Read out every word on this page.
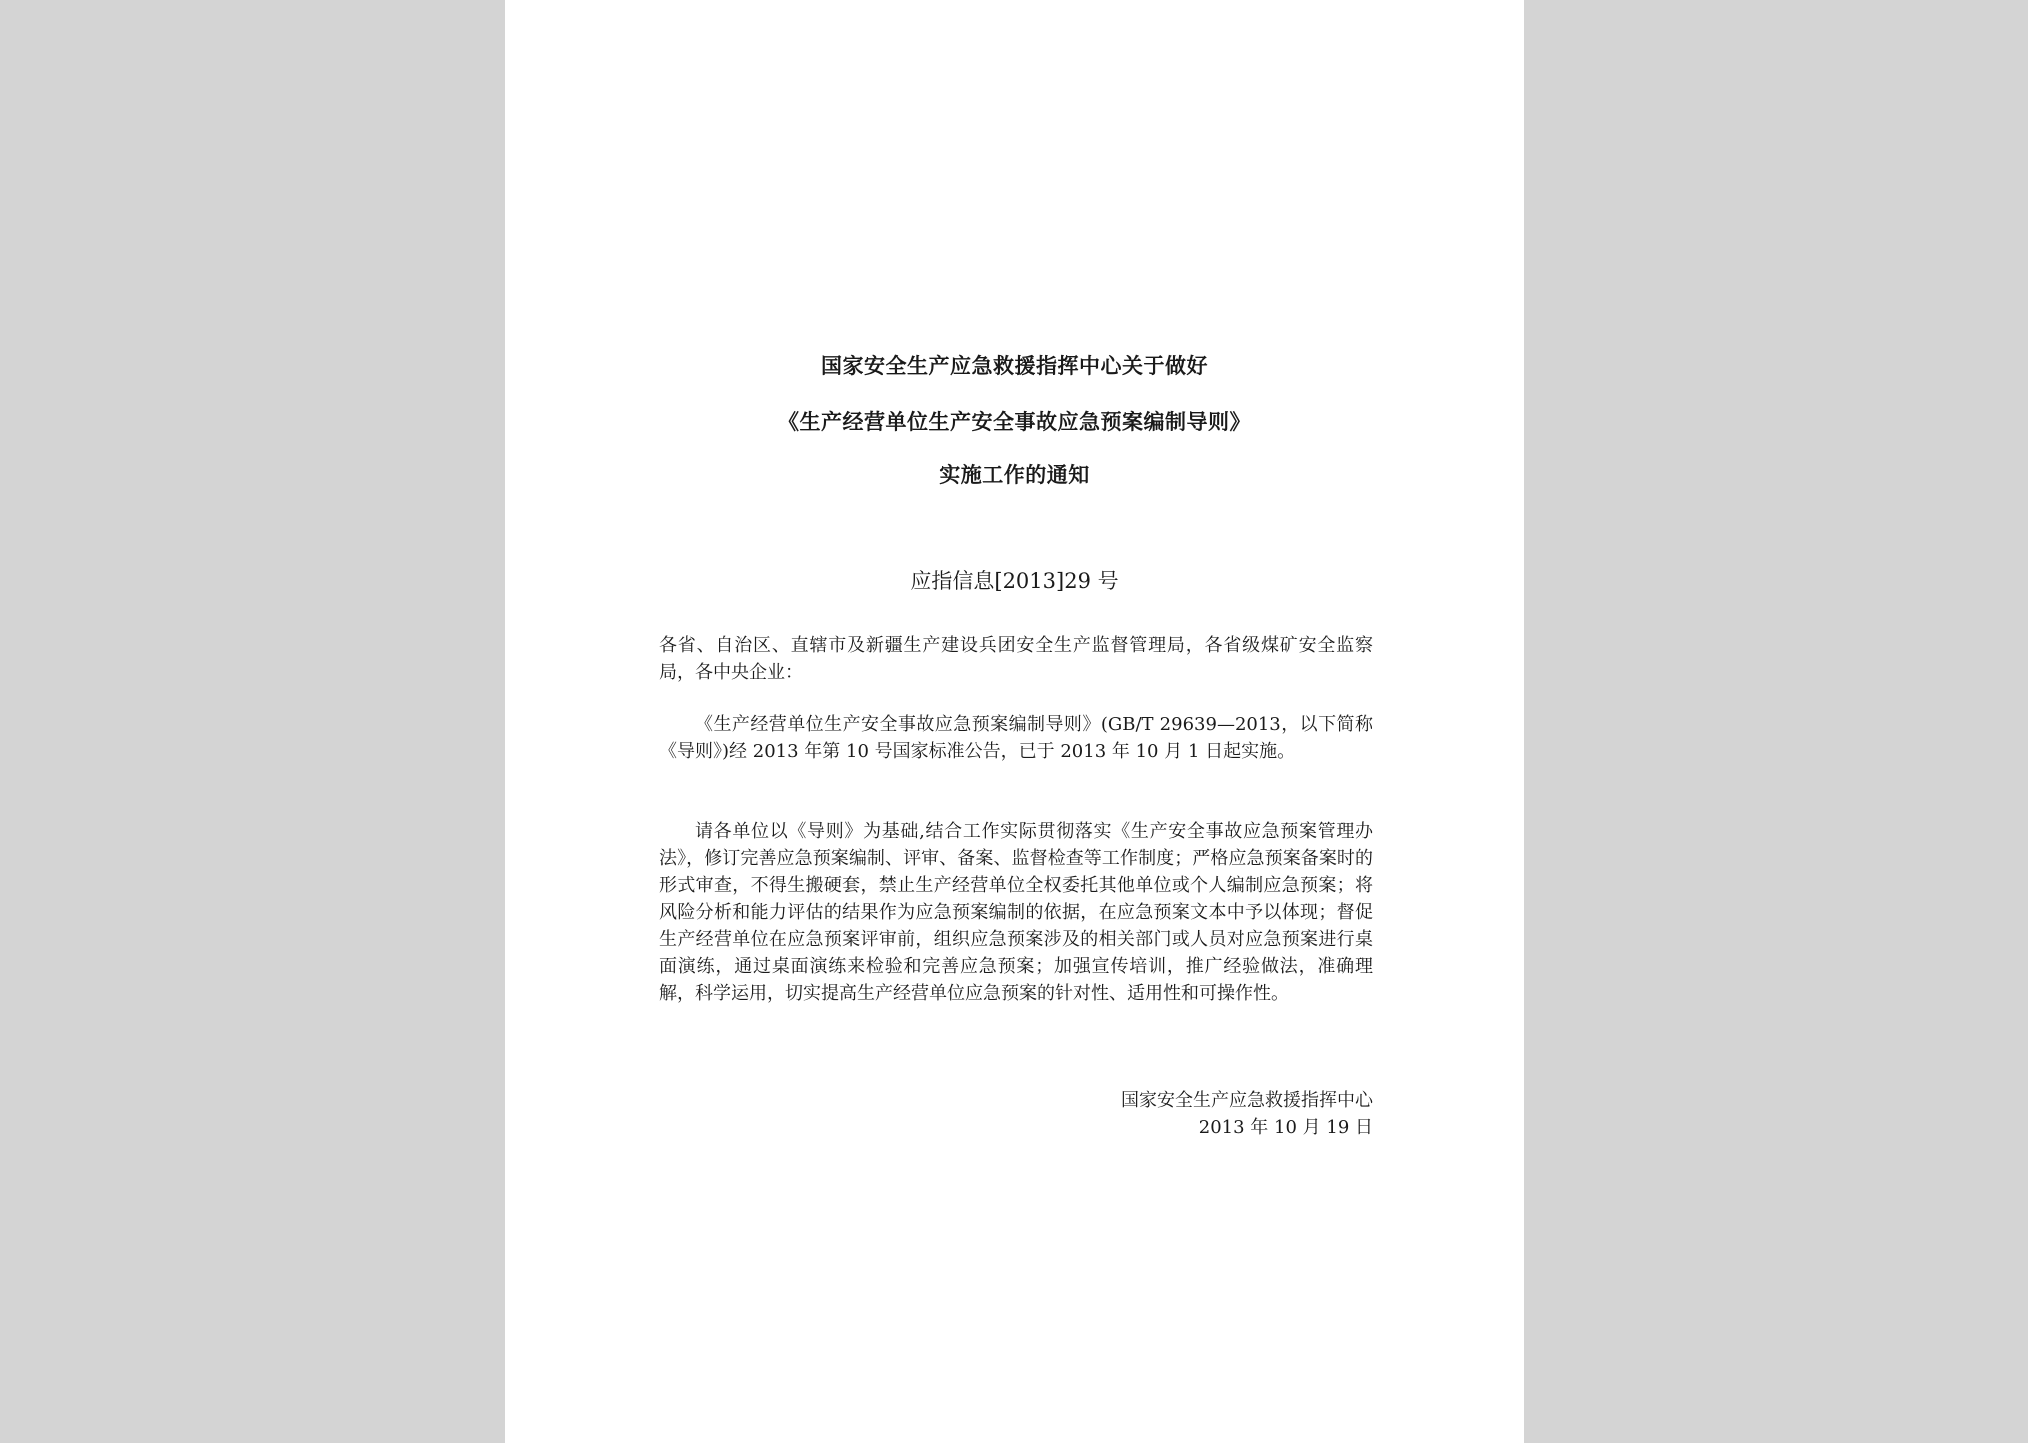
国家安全生产应急救援指挥中心关于做好
《生产经营单位生产安全事故应急预案编制导则》
实施工作的通知
应指信息[2013]29 号
各省、自治区、直辖市及新疆生产建设兵团安全生产监督管理局，各省级煤矿安全监察局，各中央企业：
《生产经营单位生产安全事故应急预案编制导则》(GB/T 29639—2013，以下简称《导则》)经 2013 年第 10 号国家标准公告，已于 2013 年 10 月 1 日起实施。
请各单位以《导则》为基础,结合工作实际贯彻落实《生产安全事故应急预案管理办法》，修订完善应急预案编制、评审、备案、监督检查等工作制度；严格应急预案备案时的形式审查，不得生搬硬套，禁止生产经营单位全权委托其他单位或个人编制应急预案；将风险分析和能力评估的结果作为应急预案编制的依据，在应急预案文本中予以体现；督促生产经营单位在应急预案评审前，组织应急预案涉及的相关部门或人员对应急预案进行桌面演练，通过桌面演练来检验和完善应急预案；加强宣传培训，推广经验做法，准确理解，科学运用，切实提高生产经营单位应急预案的针对性、适用性和可操作性。
国家安全生产应急救援指挥中心
2013 年 10 月 19 日
